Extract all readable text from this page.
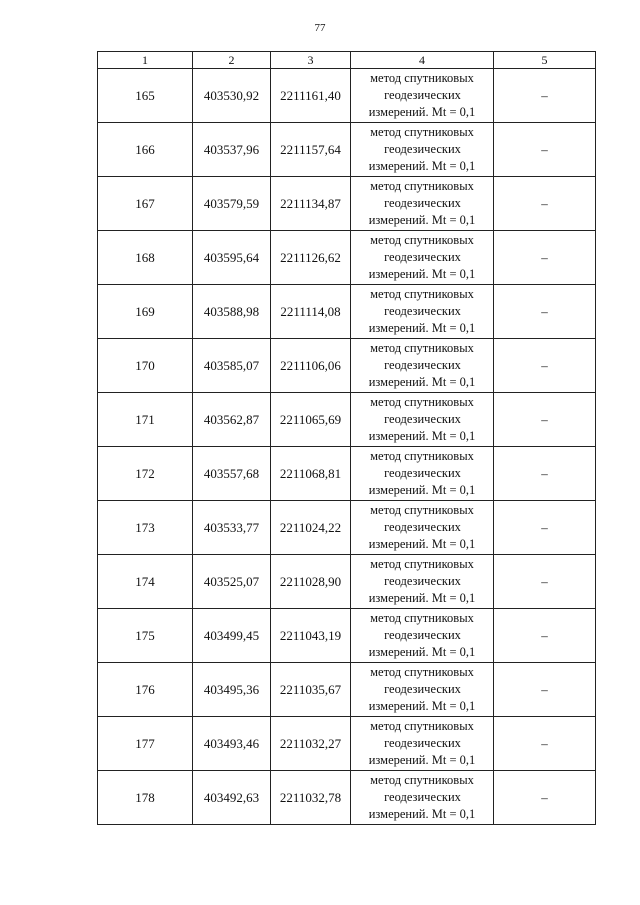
77
1	2	3	4	5
165	403530,92	2211161,40	метод спутниковых
геодезических
измерений. Mt = 0,1	–
166	403537,96	2211157,64	метод спутниковых
геодезических
измерений. Mt = 0,1	–
167	403579,59	2211134,87	метод спутниковых
геодезических
измерений. Mt = 0,1	–
168	403595,64	2211126,62	метод спутниковых
геодезических
измерений. Mt = 0,1	–
169	403588,98	2211114,08	метод спутниковых
геодезических
измерений. Mt = 0,1	–
170	403585,07	2211106,06	метод спутниковых
геодезических
измерений. Mt = 0,1	–
171	403562,87	2211065,69	метод спутниковых
геодезических
измерений. Mt = 0,1	–
172	403557,68	2211068,81	метод спутниковых
геодезических
измерений. Mt = 0,1	–
173	403533,77	2211024,22	метод спутниковых
геодезических
измерений. Mt = 0,1	–
174	403525,07	2211028,90	метод спутниковых
геодезических
измерений. Mt = 0,1	–
175	403499,45	2211043,19	метод спутниковых
геодезических
измерений. Mt = 0,1	–
176	403495,36	2211035,67	метод спутниковых
геодезических
измерений. Mt = 0,1	–
177	403493,46	2211032,27	метод спутниковых
геодезических
измерений. Mt = 0,1	–
178	403492,63	2211032,78	метод спутниковых
геодезических
измерений. Mt = 0,1	–
